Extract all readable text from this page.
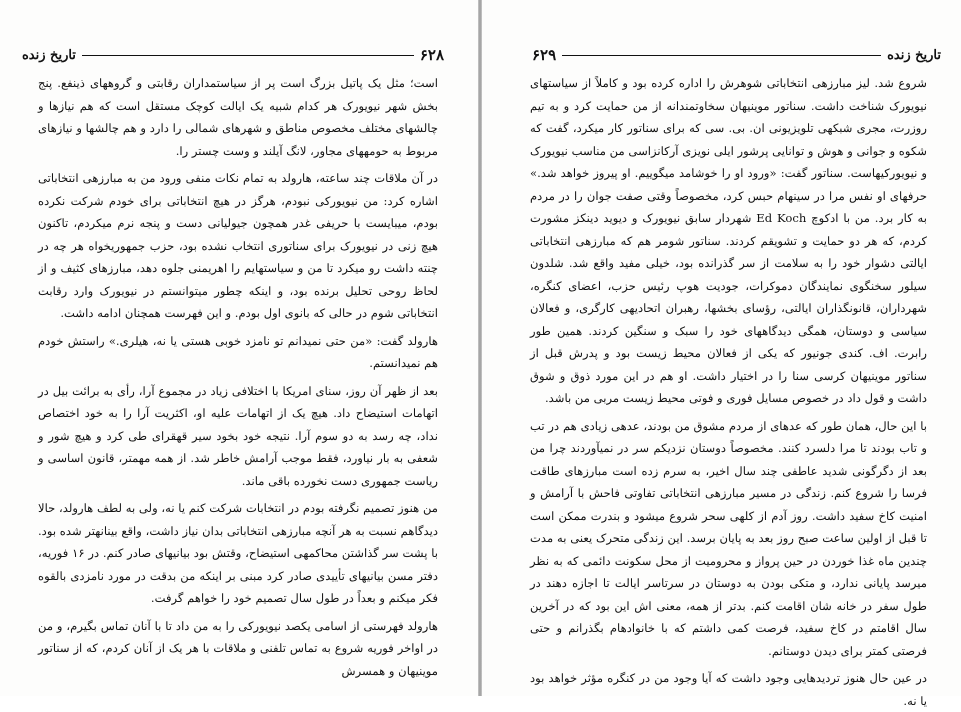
تاریخ زنده	۶۲۸

است؛ مثل یک پاتیل بزرگ است پر از سیاستمداران رقابتی و گروههای ذینفع. پنج بخش شهر نیویورک هر کدام شبیه یک ایالت کوچک مستقل است که هم نیازها و چالشهای مختلف مخصوص مناطق و شهرهای شمالی را دارد و هم چالشها و نیازهای مربوط به حومههای مجاور، لانگ آیلند و وست چستر را.

در آن ملاقات چند ساعته، هارولد به تمام نکات منفی ورود من به مبارزهی انتخاباتی اشاره کرد: من نیویورکی نبودم، هرگز در هیچ انتخاباتی برای خودم شرکت نکرده بودم، میبایست با حریفی غدر همچون جیولیانی دست و پنجه نرم میکردم، تاکنون هیچ زنی در نیویورک برای سناتوری انتخاب نشده بود، حزب جمهوریخواه هر چه در چنته داشت رو میکرد تا من و سیاستهایم را اهریمنی جلوه دهد، مبارزهای کثیف و از لحاظ روحی تحلیل برنده بود، و اینکه چطور میتوانستم در نیویورک وارد رقابت انتخاباتی شوم در حالی که بانوی اول بودم. و این فهرست همچنان ادامه داشت.

هارولد گفت: «من حتی نمیدانم تو نامزد خوبی هستی یا نه، هیلری.» راستش خودم هم نمیدانستم.

بعد از ظهر آن روز، سنای امریکا با اختلافی زیاد در مجموع آرا، رأی به برائت بیل در اتهامات استیضاح داد. هیچ یک از اتهامات علیه او، اکثریت آرا را به خود اختصاص نداد، چه رسد به دو سوم آرا. نتیجه خود بخود سیر قهقرای طی کرد و هیچ شور و شعفی به بار نیاورد، فقط موجب آرامش خاطر شد. از همه مهمتر، قانون اساسی و ریاست جمهوری دست نخورده باقی ماند.

من هنوز تصمیم نگرفته بودم در انتخابات شرکت کنم یا نه، ولی به لطف هارولد، حالا دیدگاهم نسبت به هر آنچه مبارزهی انتخاباتی بدان نیاز داشت، واقع بینانهتر شده بود. با پشت سر گذاشتن محاکمهی استیضاح، وقتش بود بیانیهای صادر کنم. در ۱۶ فوریه، دفتر مسن بیانیهای تأییدی صادر کرد مبنی بر اینکه من بدقت در مورد نامزدی بالقوه فکر میکنم و بعداً در طول سال تصمیم خود را خواهم گرفت.

هارولد فهرستی از اسامی یکصد نیویورکی را به من داد تا با آنان تماس بگیرم، و من در اواخر فوریه شروع به تماس تلفنی و ملاقات با هر یک از آنان کردم، که از سناتور موینیهان و همسرش

۶۲۹	تاریخ زنده

شروع شد. لیز مبارزهی انتخاباتی شوهرش را اداره کرده بود و کاملاً از سیاستهای نیویورک شناخت داشت. سناتور موینیهان سخاوتمندانه از من حمایت کرد و به تیم روزرت، مجری شبکهی تلویزیونی ان. بی. سی که برای سناتور کار میکرد، گفت که شکوه و جوانی و هوش و توانایی پرشور ایلی نویزی آرکانزاسی من مناسب نیویورک و نیویورکیهاست. سناتور گفت: «ورود او را خوشامد میگوییم. او پیروز خواهد شد.» حرفهای او نفس مرا در سینهام حبس کرد، مخصوصاً وقتی صفت جوان را در مردم به کار برد. من با ادکوچ Ed Koch شهردار سابق نیویورک و دیوید دینکز مشورت کردم، که هر دو حمایت و تشویقم کردند. سناتور شومر هم که مبارزهی انتخاباتی ایالتی دشوار خود را به سلامت از سر گذرانده بود، خیلی مفید واقع شد. شلدون سیلور سخنگوی نمایندگان دموکرات، جودیت هوپ رئیس حزب، اعضای کنگره، شهرداران، قانونگذاران ایالتی، رؤسای بخشها، رهبران اتحادیهی کارگری، و فعالان سیاسی و دوستان، همگی دیدگاههای خود را سبک و سنگین کردند. همین طور رابرت. اف. کندی جونیور که یکی از فعالان محیط زیست بود و پدرش قبل از سناتور موینیهان کرسی سنا را در اختیار داشت. او هم در این مورد ذوق و شوق داشت و قول داد در خصوص مسایل فوری و فوتی محیط زیست مربی من باشد.

با این حال، همان طور که عدهای از مردم مشوق من بودند، عدهی زیادی هم در تب و تاب بودند تا مرا دلسرد کنند. مخصوصاً دوستان نزدیکم سر در نمیآوردند چرا من بعد از دگرگونی شدید عاطفی چند سال اخیر، به سرم زده است مبارزهای طاقت فرسا را شروع کنم. زندگی در مسیر مبارزهی انتخاباتی تفاوتی فاحش با آرامش و امنیت کاخ سفید داشت. روز آدم از کلهی سحر شروع میشود و بندرت ممکن است تا قبل از اولین ساعت صبح روز بعد به پایان برسد. این زندگی متحرک یعنی به مدت چندین ماه غذا خوردن در حین پرواز و محرومیت از محل سکونت دائمی که به نظر میرسد پایانی ندارد، و متکی بودن به دوستان در سرتاسر ایالت تا اجازه دهند در طول سفر در خانه شان اقامت کنم. بدتر از همه، معنی اش این بود که در آخرین سال اقامتم در کاخ سفید، فرصت کمی داشتم که با خانوادهام بگذرانم و حتی فرصتی کمتر برای دیدن دوستانم.

در عین حال هنوز تردیدهایی وجود داشت که آیا وجود من در کنگره مؤثر خواهد بود یا نه.
